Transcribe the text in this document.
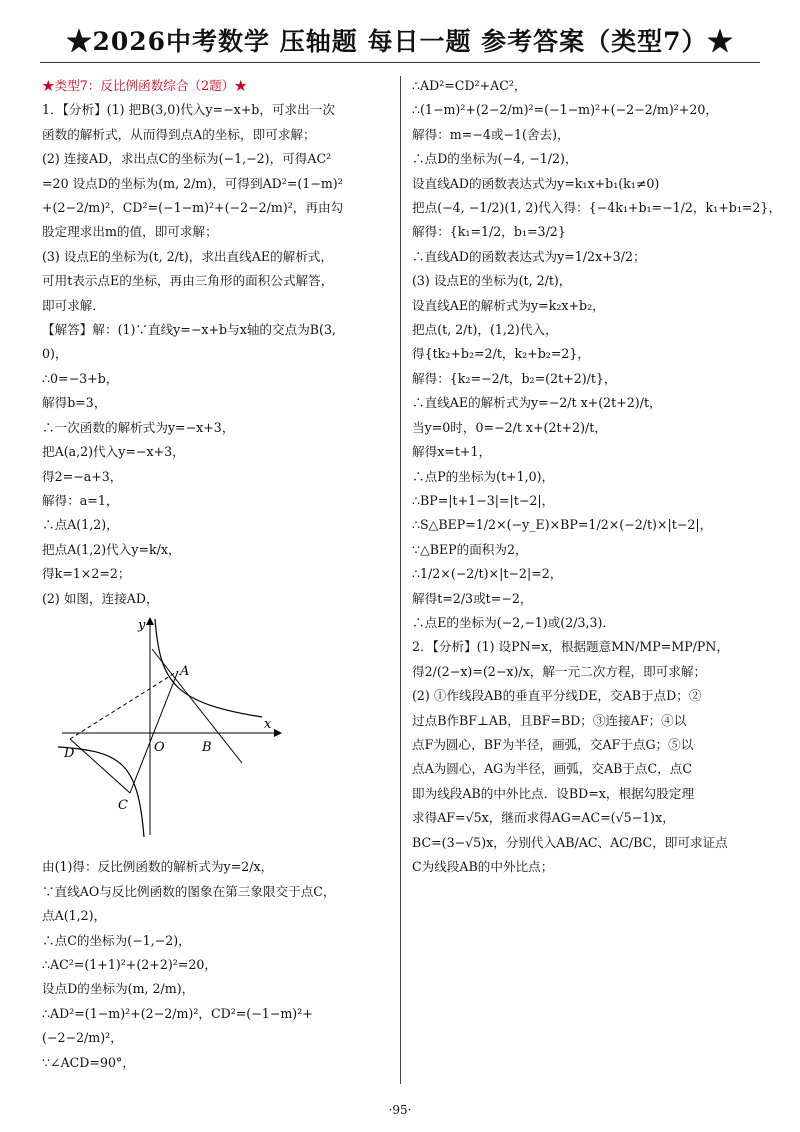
★2026中考数学 压轴题 每日一题 参考答案（类型7）★
★类型7：反比例函数综合（2题）★
1．【分析】(1) 把B(3,0)代入y=−x+b，可求出一次
函数的解析式，从而得到点A的坐标，即可求解；
(2) 连接AD，求出点C的坐标为(−1,−2)，可得AC²
=20 设点D的坐标为(m, 2/m)，可得到AD²=(1−m)²
+(2−2/m)²，CD²=(−1−m)²+(−2−2/m)²，再由勾
股定理求出m的值，即可求解；
(3) 设点E的坐标为(t, 2/t)，求出直线AE的解析式，
可用t表示点E的坐标，再由三角形的面积公式解答，
即可求解．
【解答】解：(1)∵直线y=−x+b与x轴的交点为B(3,
0)，
∴0=−3+b，
解得b=3，
∴一次函数的解析式为y=−x+3，
把A(a,2)代入y=−x+3，
得2=−a+3，
解得：a=1，
∴点A(1,2)，
把点A(1,2)代入y=k/x，
得k=1×2=2；
(2) 如图，连接AD，
y
x
A
B
C
D	O
由(1)得：反比例函数的解析式为y=2/x，
∵直线AO与反比例函数的图象在第三象限交于点C，
点A(1,2)，
∴点C的坐标为(−1,−2)，
∴AC²=(1+1)²+(2+2)²=20，
设点D的坐标为(m, 2/m)，
∴AD²=(1−m)²+(2−2/m)²，CD²=(−1−m)²+
(−2−2/m)²，
∵∠ACD=90°，
∴AD²=CD²+AC²，
∴(1−m)²+(2−2/m)²=(−1−m)²+(−2−2/m)²+20，
解得：m=−4或−1(舍去)，
∴点D的坐标为(−4, −1/2)，
设直线AD的函数表达式为y=k₁x+b₁(k₁≠0)
把点(−4, −1/2)(1, 2)代入得：{−4k₁+b₁=−1/2，k₁+b₁=2}，
解得：{k₁=1/2，b₁=3/2}
∴直线AD的函数表达式为y=1/2x+3/2；
(3) 设点E的坐标为(t, 2/t)，
设直线AE的解析式为y=k₂x+b₂，
把点(t, 2/t)，(1,2)代入，
得{tk₂+b₂=2/t，k₂+b₂=2}，
解得：{k₂=−2/t，b₂=(2t+2)/t}，
∴直线AE的解析式为y=−2/t x+(2t+2)/t，
当y=0时，0=−2/t x+(2t+2)/t，
解得x=t+1，
∴点P的坐标为(t+1,0)，
∴BP=|t+1−3|=|t−2|，
∴S△BEP=1/2×(−y_E)×BP=1/2×(−2/t)×|t−2|，
∵△BEP的面积为2，
∴1/2×(−2/t)×|t−2|=2，
解得t=2/3或t=−2，
∴点E的坐标为(−2,−1)或(2/3,3)．
2．【分析】(1) 设PN=x，根据题意MN/MP=MP/PN，
得2/(2−x)=(2−x)/x，解一元二次方程，即可求解；
(2) ①作线段AB的垂直平分线DE，交AB于点D；②
过点B作BF⊥AB，且BF=BD；③连接AF；④以
点F为圆心，BF为半径，画弧，交AF于点G；⑤以
点A为圆心，AG为半径，画弧，交AB于点C，点C
即为线段AB的中外比点．设BD=x，根据勾股定理
求得AF=√5x，继而求得AG=AC=(√5−1)x，
BC=(3−√5)x，分别代入AB/AC、AC/BC，即可求证点
C为线段AB的中外比点；
·95·
